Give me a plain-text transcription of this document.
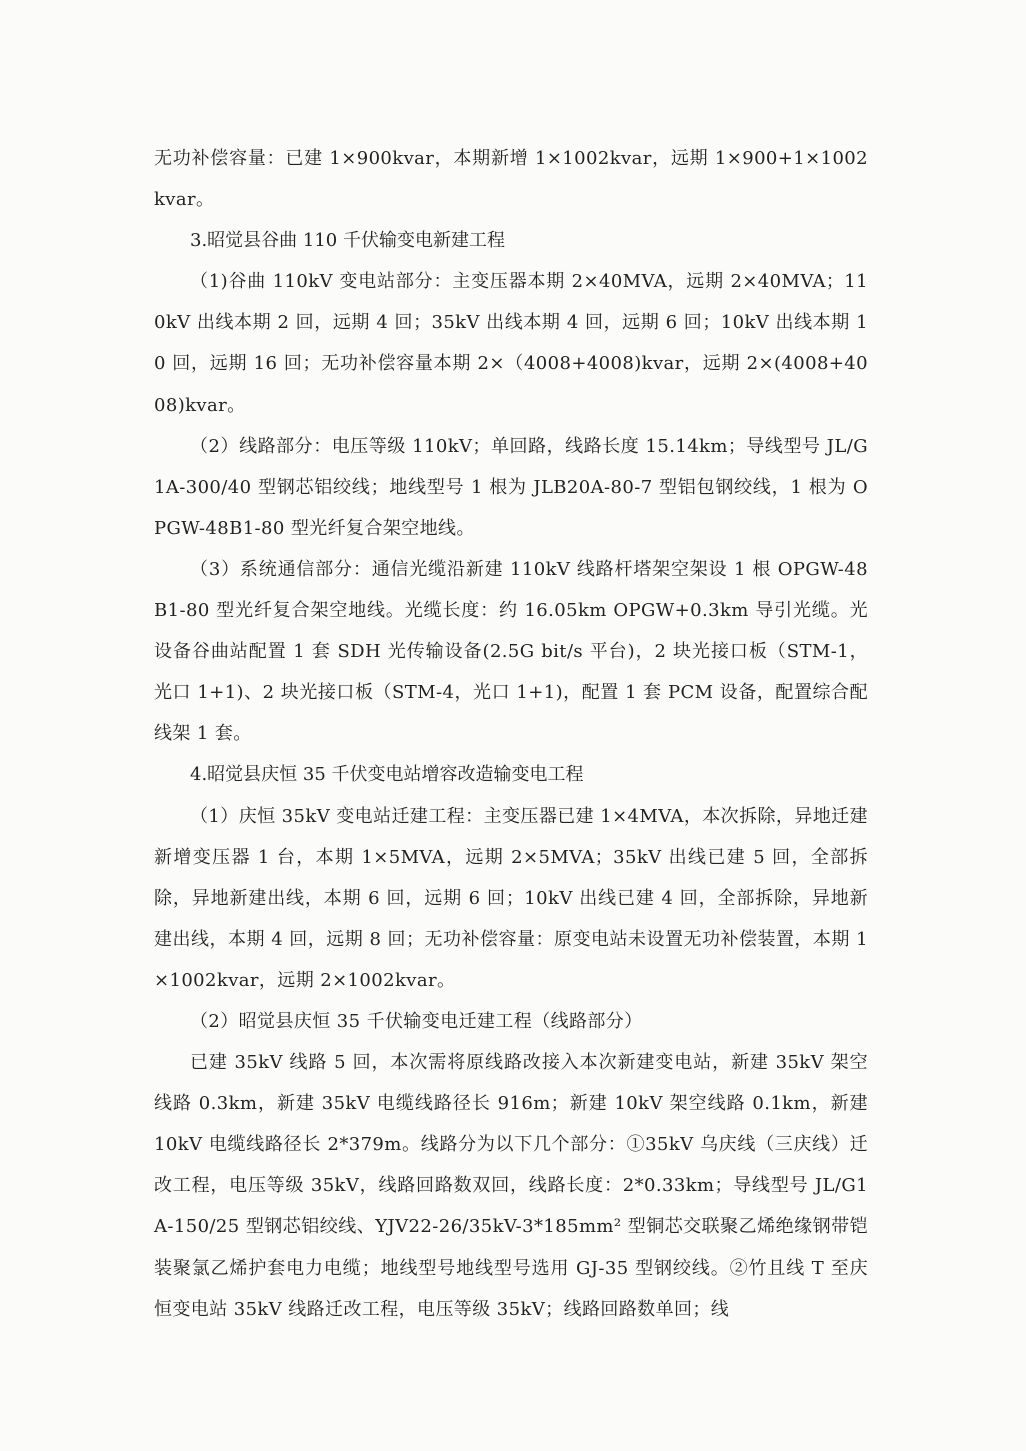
无功补偿容量：已建 1×900kvar，本期新增 1×1002kvar，远期 1×900+1×1002kvar。

3.昭觉县谷曲 110 千伏输变电新建工程

（1)谷曲 110kV 变电站部分：主变压器本期 2×40MVA，远期 2×40MVA；110kV 出线本期 2 回，远期 4 回；35kV 出线本期 4 回，远期 6 回；10kV 出线本期 10 回，远期 16 回；无功补偿容量本期 2×（4008+4008)kvar，远期 2×(4008+4008)kvar。

（2）线路部分：电压等级 110kV；单回路，线路长度 15.14km；导线型号 JL/G1A-300/40 型钢芯铝绞线；地线型号 1 根为 JLB20A-80-7 型铝包钢绞线，1 根为 OPGW-48B1-80 型光纤复合架空地线。

（3）系统通信部分：通信光缆沿新建 110kV 线路杆塔架空架设 1 根 OPGW-48B1-80 型光纤复合架空地线。光缆长度：约 16.05km OPGW+0.3km 导引光缆。光设备谷曲站配置 1 套 SDH 光传输设备(2.5G bit/s 平台)，2 块光接口板（STM-1，光口 1+1)、2 块光接口板（STM-4，光口 1+1)，配置 1 套 PCM 设备，配置综合配线架 1 套。

4.昭觉县庆恒 35 千伏变电站增容改造输变电工程

（1）庆恒 35kV 变电站迁建工程：主变压器已建 1×4MVA，本次拆除，异地迁建新增变压器 1 台，本期 1×5MVA，远期 2×5MVA；35kV 出线已建 5 回，全部拆除，异地新建出线，本期 6 回，远期 6 回；10kV 出线已建 4 回，全部拆除，异地新建出线，本期 4 回，远期 8 回；无功补偿容量：原变电站未设置无功补偿装置，本期 1×1002kvar，远期 2×1002kvar。

（2）昭觉县庆恒 35 千伏输变电迁建工程（线路部分）

已建 35kV 线路 5 回，本次需将原线路改接入本次新建变电站，新建 35kV 架空线路 0.3km，新建 35kV 电缆线路径长 916m；新建 10kV 架空线路 0.1km，新建 10kV 电缆线路径长 2*379m。线路分为以下几个部分：①35kV 乌庆线（三庆线）迁改工程，电压等级 35kV，线路回路数双回，线路长度：2*0.33km；导线型号 JL/G1A-150/25 型钢芯铝绞线、YJV22-26/35kV-3*185mm² 型铜芯交联聚乙烯绝缘钢带铠装聚氯乙烯护套电力电缆；地线型号地线型号选用 GJ-35 型钢绞线。②竹且线 T 至庆恒变电站 35kV 线路迁改工程，电压等级 35kV；线路回路数单回；线
